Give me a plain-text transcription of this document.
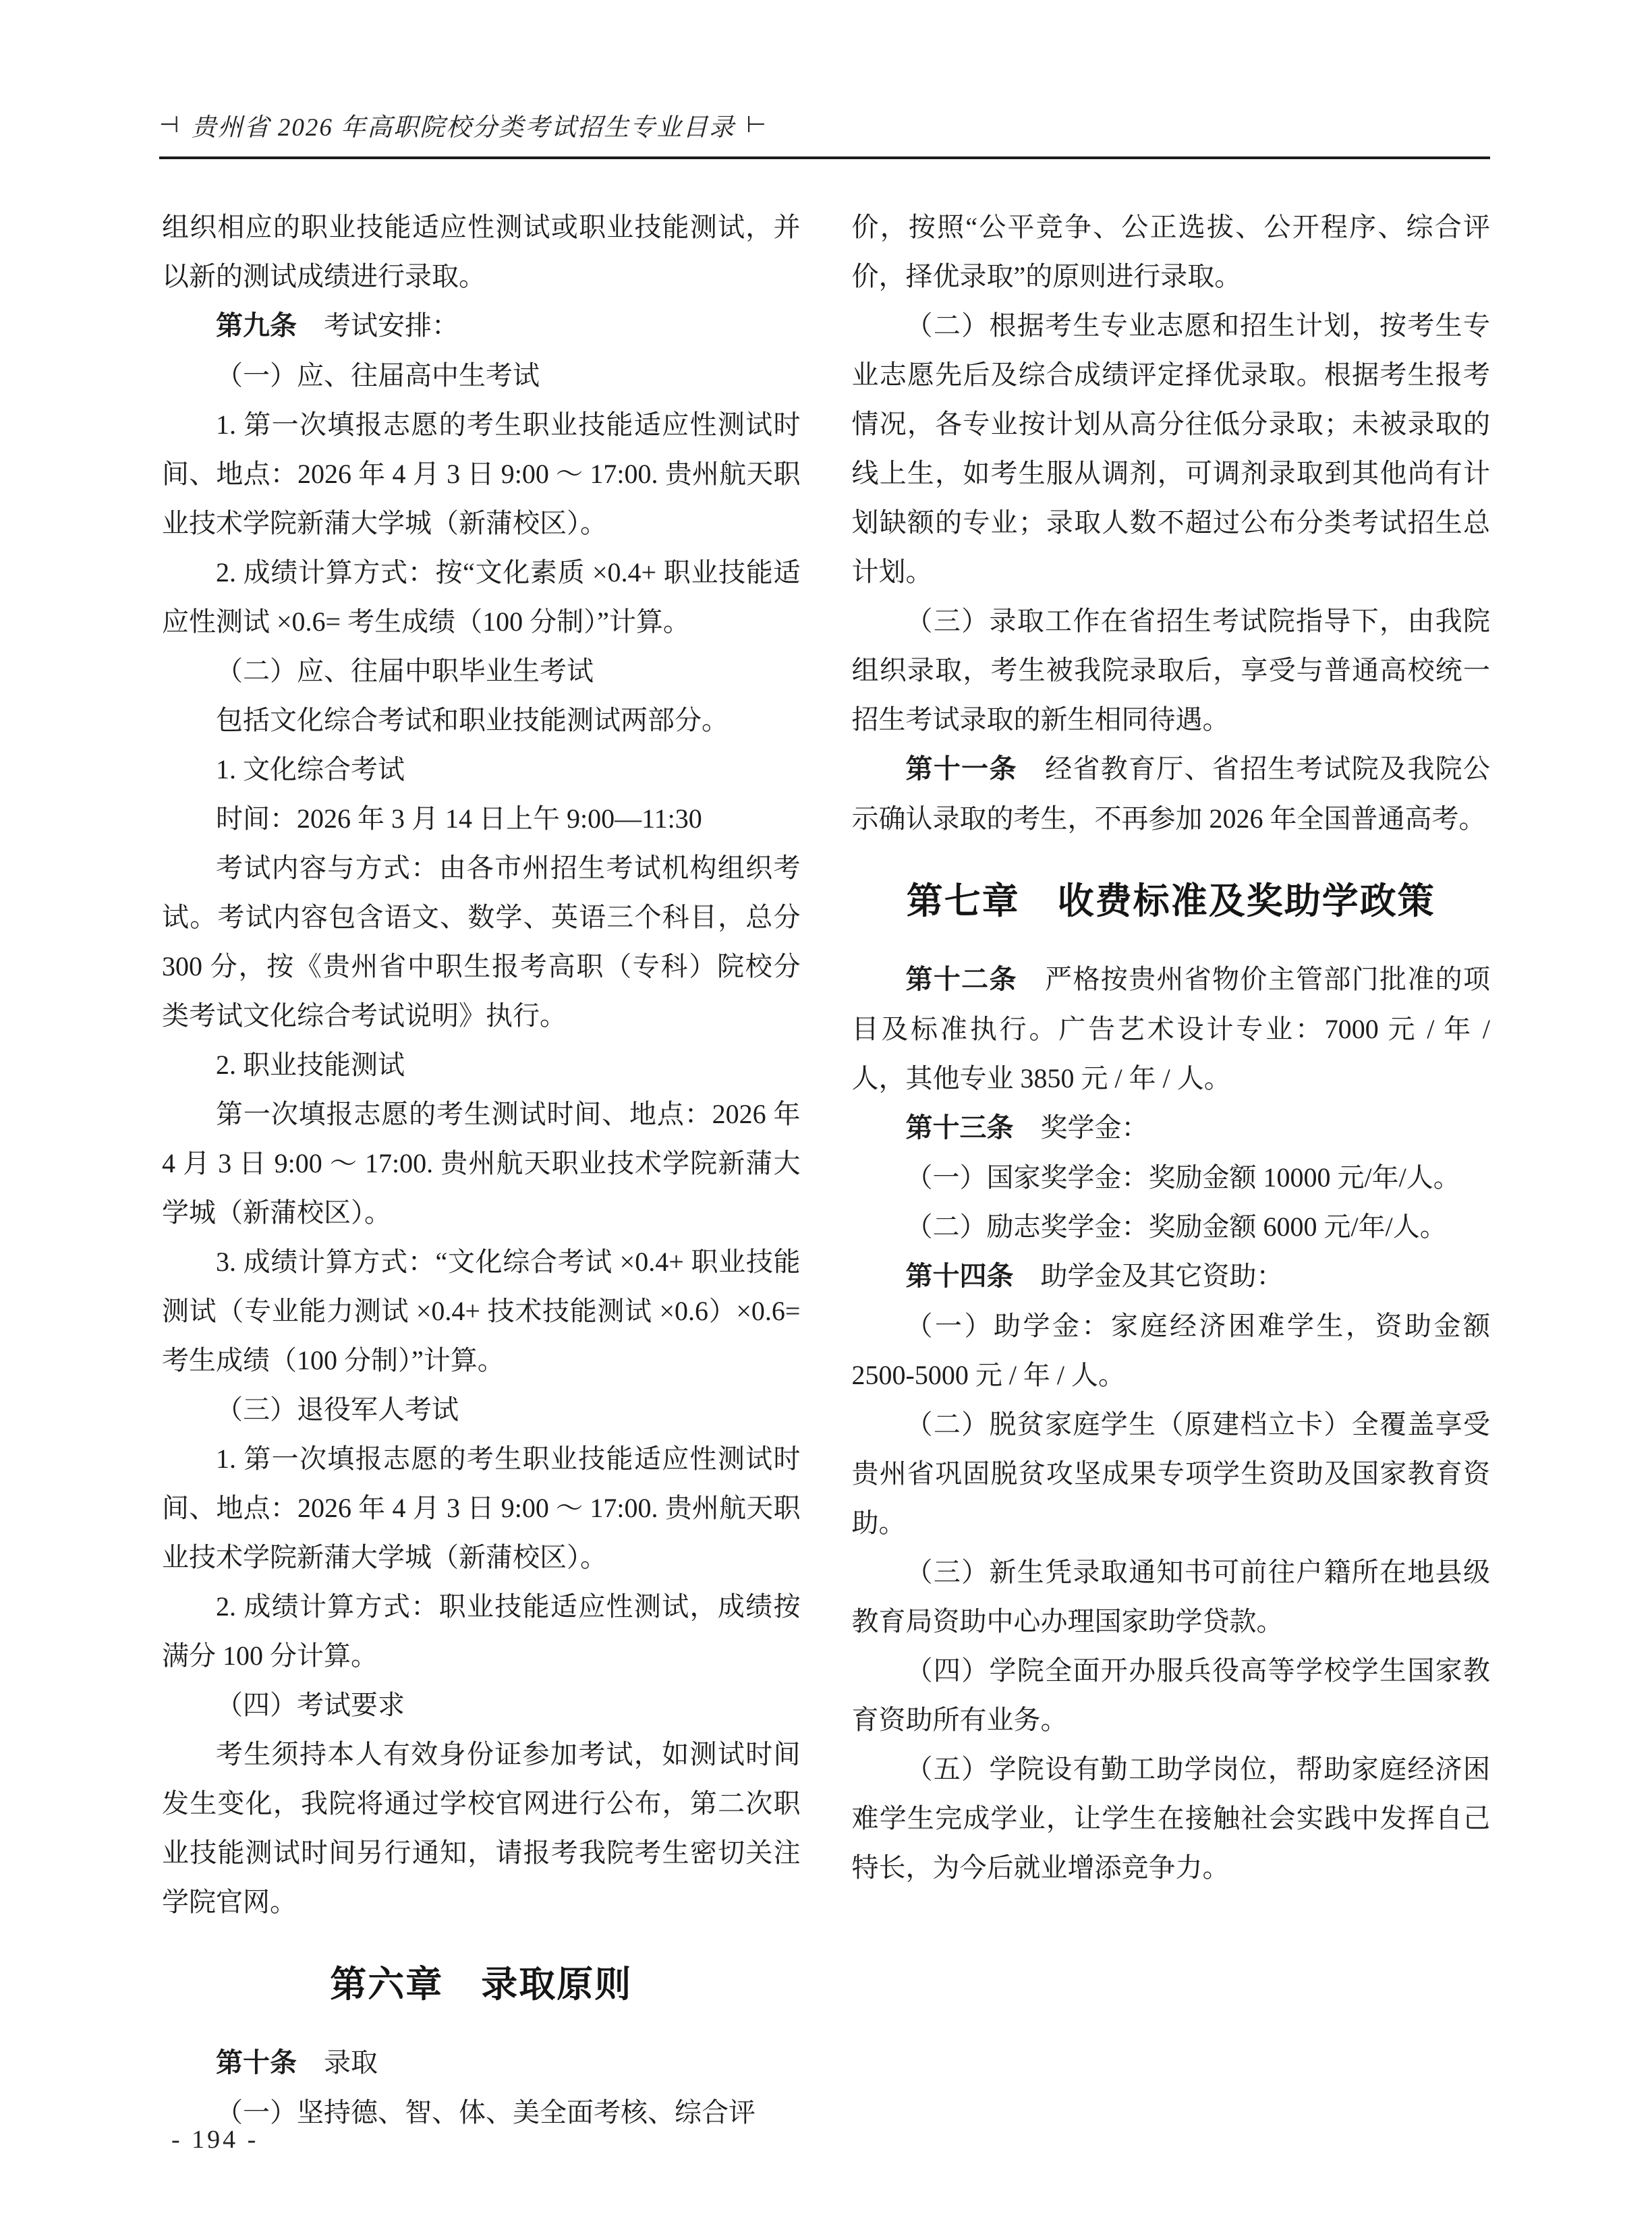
⊣ 贵州省 2026 年高职院校分类考试招生专业目录 ⊢

组织相应的职业技能适应性测试或职业技能测试，并以新的测试成绩进行录取。

第九条　考试安排：

（一）应、往届高中生考试

1. 第一次填报志愿的考生职业技能适应性测试时间、地点：2026 年 4 月 3 日 9:00 ～ 17:00. 贵州航天职业技术学院新蒲大学城（新蒲校区）。

2. 成绩计算方式：按“文化素质 ×0.4+ 职业技能适应性测试 ×0.6= 考生成绩（100 分制）”计算。

（二）应、往届中职毕业生考试

包括文化综合考试和职业技能测试两部分。

1. 文化综合考试

时间：2026 年 3 月 14 日上午 9:00—11:30

考试内容与方式：由各市州招生考试机构组织考试。考试内容包含语文、数学、英语三个科目，总分 300 分，按《贵州省中职生报考高职（专科）院校分类考试文化综合考试说明》执行。

2. 职业技能测试

第一次填报志愿的考生测试时间、地点：2026 年 4 月 3 日 9:00 ～ 17:00. 贵州航天职业技术学院新蒲大学城（新蒲校区）。

3. 成绩计算方式：“文化综合考试 ×0.4+ 职业技能测试（专业能力测试 ×0.4+ 技术技能测试 ×0.6）×0.6= 考生成绩（100 分制）”计算。

（三）退役军人考试

1. 第一次填报志愿的考生职业技能适应性测试时间、地点：2026 年 4 月 3 日 9:00 ～ 17:00. 贵州航天职业技术学院新蒲大学城（新蒲校区）。

2. 成绩计算方式：职业技能适应性测试，成绩按满分 100 分计算。

（四）考试要求

考生须持本人有效身份证参加考试，如测试时间发生变化，我院将通过学校官网进行公布，第二次职业技能测试时间另行通知，请报考我院考生密切关注学院官网。

第六章　录取原则

第十条　录取

（一）坚持德、智、体、美全面考核、综合评

价，按照“公平竞争、公正选拔、公开程序、综合评价，择优录取”的原则进行录取。

（二）根据考生专业志愿和招生计划，按考生专业志愿先后及综合成绩评定择优录取。根据考生报考情况，各专业按计划从高分往低分录取；未被录取的线上生，如考生服从调剂，可调剂录取到其他尚有计划缺额的专业；录取人数不超过公布分类考试招生总计划。

（三）录取工作在省招生考试院指导下，由我院组织录取，考生被我院录取后，享受与普通高校统一招生考试录取的新生相同待遇。

第十一条　经省教育厅、省招生考试院及我院公示确认录取的考生，不再参加 2026 年全国普通高考。

第七章　收费标准及奖助学政策

第十二条　严格按贵州省物价主管部门批准的项目及标准执行。广告艺术设计专业：7000 元 / 年 / 人，其他专业 3850 元 / 年 / 人。

第十三条　奖学金：

（一）国家奖学金：奖励金额 10000 元/年/人。

（二）励志奖学金：奖励金额 6000 元/年/人。

第十四条　助学金及其它资助：

（一）助学金：家庭经济困难学生，资助金额 2500-5000 元 / 年 / 人。

（二）脱贫家庭学生（原建档立卡）全覆盖享受贵州省巩固脱贫攻坚成果专项学生资助及国家教育资助。

（三）新生凭录取通知书可前往户籍所在地县级教育局资助中心办理国家助学贷款。

（四）学院全面开办服兵役高等学校学生国家教育资助所有业务。

（五）学院设有勤工助学岗位，帮助家庭经济困难学生完成学业，让学生在接触社会实践中发挥自己特长，为今后就业增添竞争力。

- 194 -
